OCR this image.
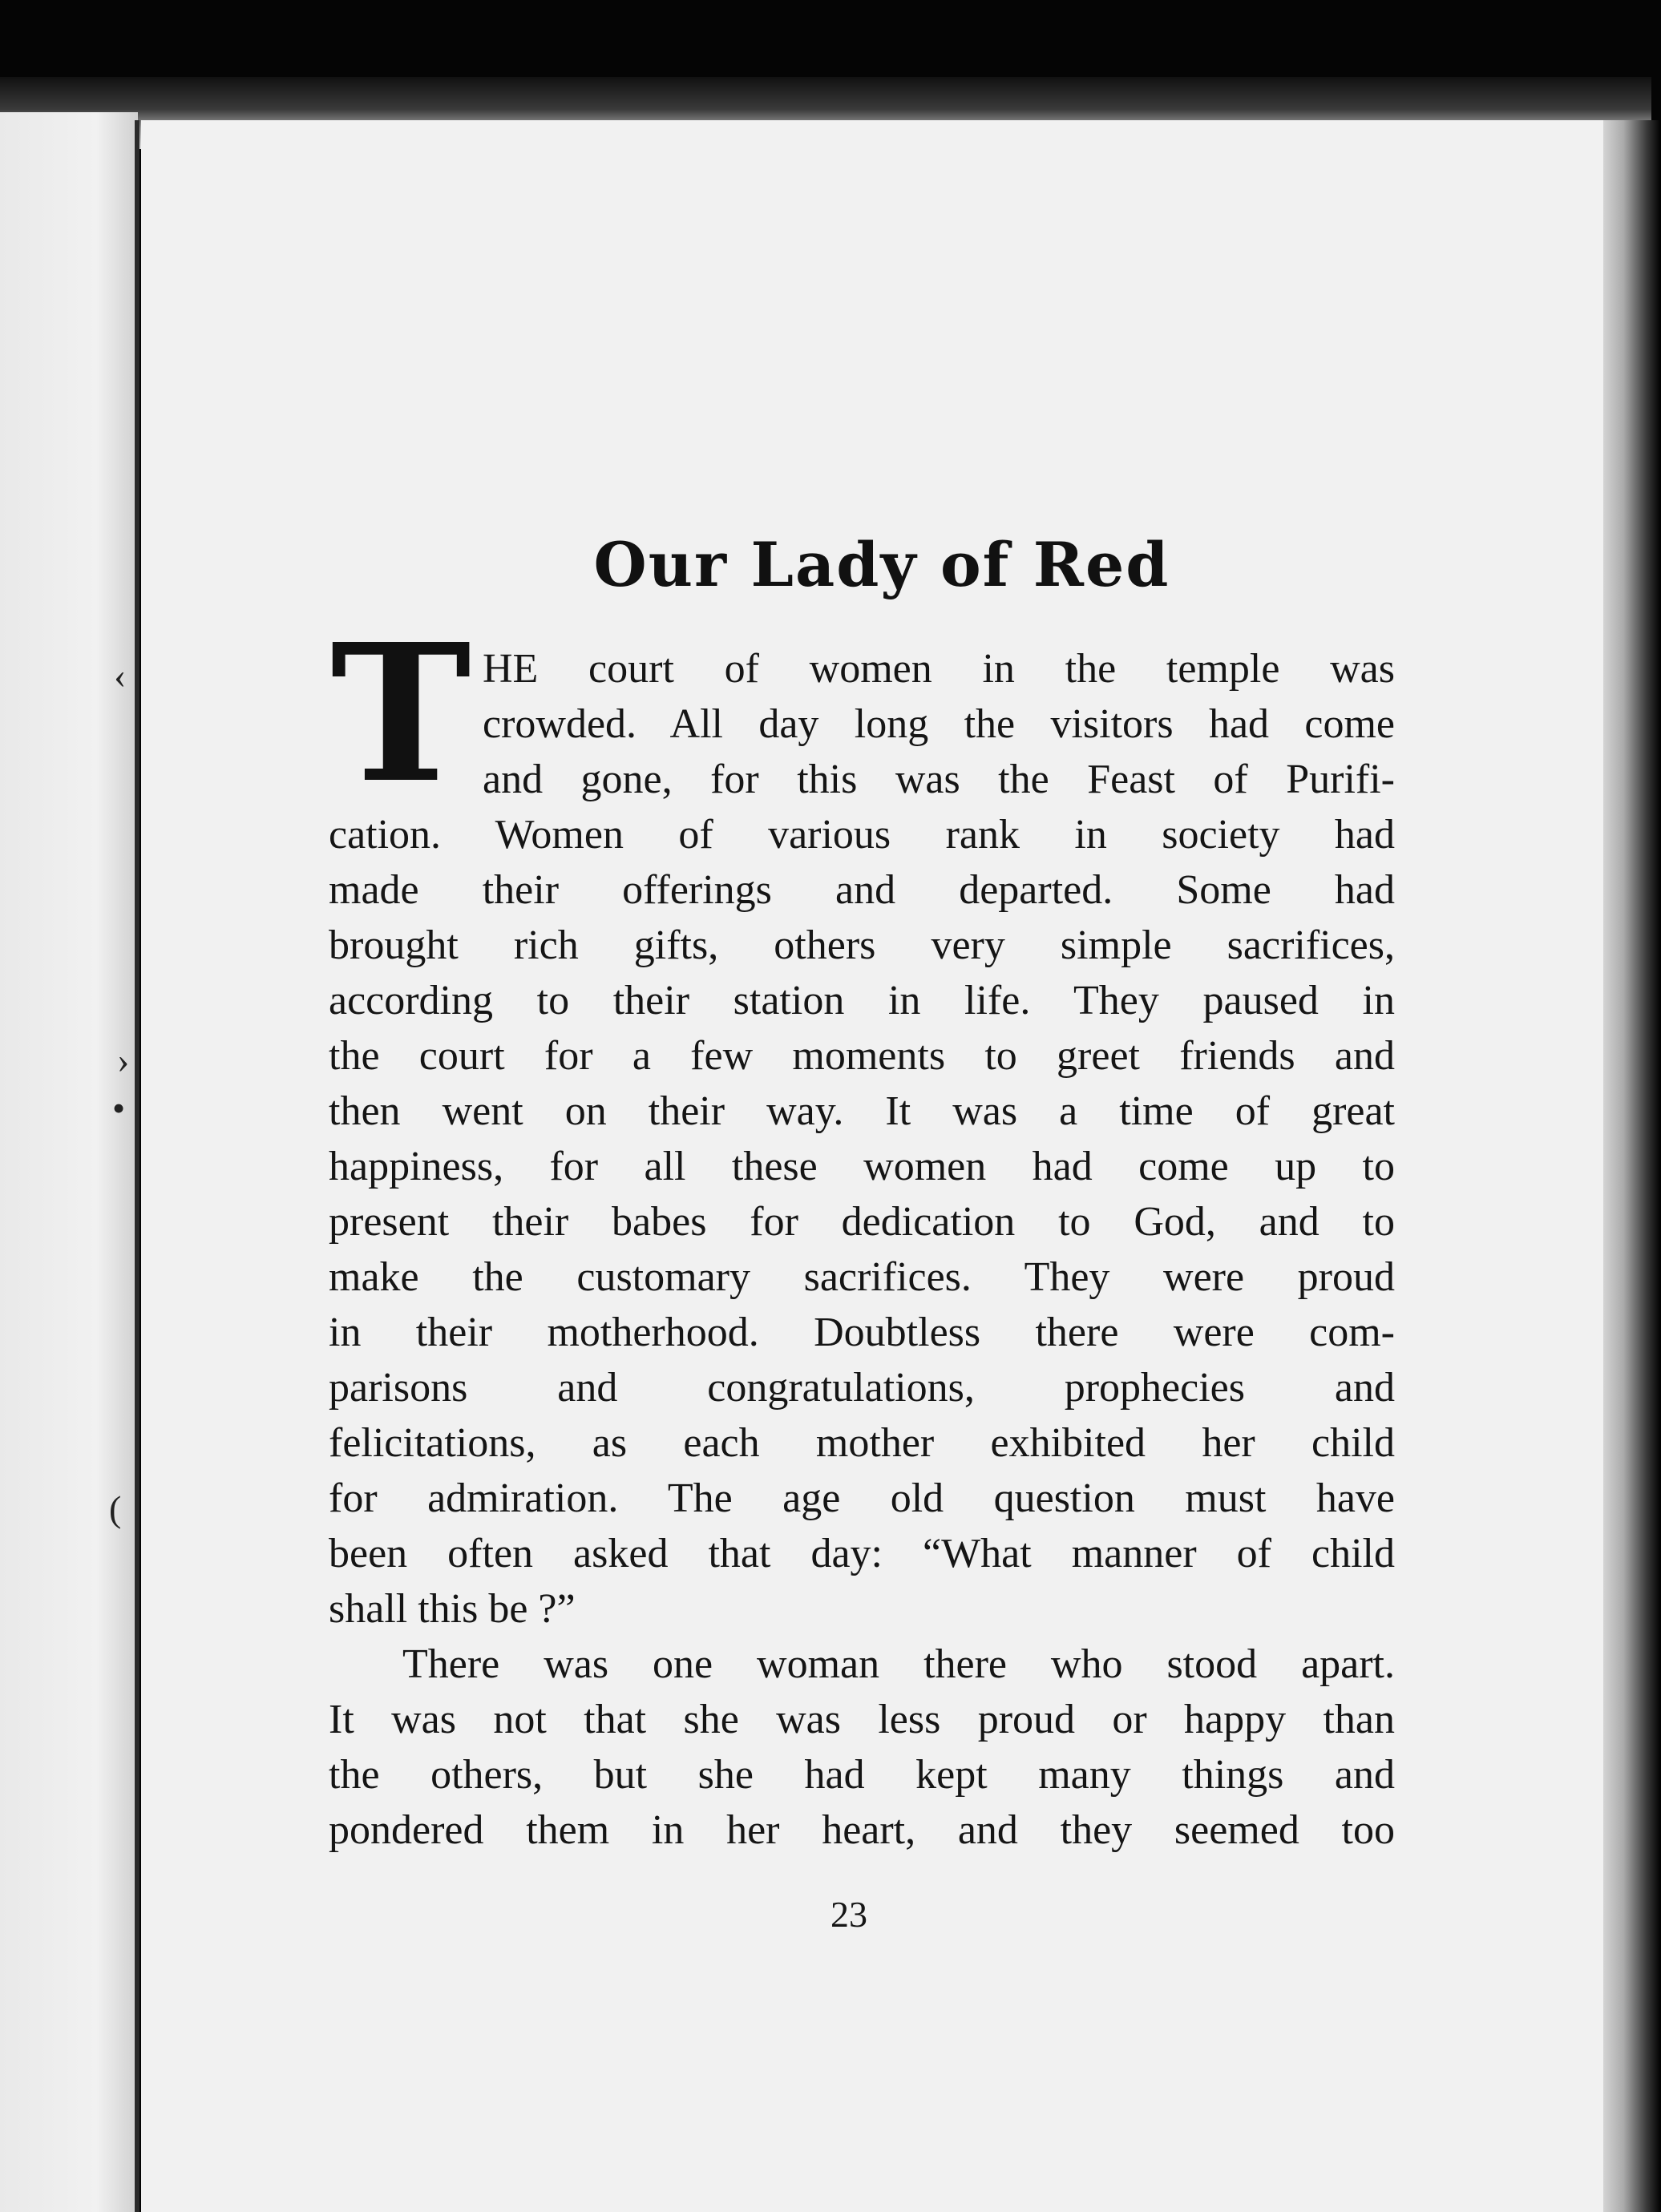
‹
›
•
(
Our Lady of Red
T HE court of women in the temple was
crowded. All day long the visitors had come
and gone, for this was the Feast of Purifi-
cation. Women of various rank in society had
made their offerings and departed. Some had
brought rich gifts, others very simple sacrifices,
according to their station in life. They paused in
the court for a few moments to greet friends and
then went on their way. It was a time of great
happiness, for all these women had come up to
present their babes for dedication to God, and to
make the customary sacrifices. They were proud
in their motherhood. Doubtless there were com-
parisons and congratulations, prophecies and
felicitations, as each mother exhibited her child
for admiration. The age old question must have
been often asked that day: “What manner of child
shall this be ?”
There was one woman there who stood apart.
It was not that she was less proud or happy than
the others, but she had kept many things and
pondered them in her heart, and they seemed too
23
